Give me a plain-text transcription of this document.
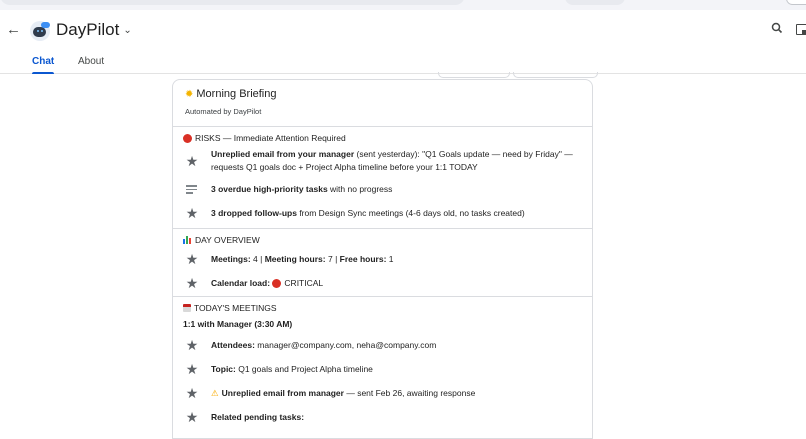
← DayPilot ⌄
Chat About
✹ Morning Briefing
Automated by DayPilot
RISKS — Immediate Attention Required
★ Unreplied email from your manager (sent yesterday): "Q1 Goals update — need by Friday" — requests Q1 goals doc + Project Alpha timeline before your 1:1 TODAY
3 overdue high-priority tasks with no progress
★ 3 dropped follow-ups from Design Sync meetings (4-6 days old, no tasks created)
DAY OVERVIEW
★ Meetings: 4 | Meeting hours: 7 | Free hours: 1
★ Calendar load:
CRITICAL
TODAY'S MEETINGS
1:1 with Manager (3:30 AM)
★ Attendees: manager@company.com, neha@company.com
★ Topic: Q1 goals and Project Alpha timeline
★ ⚠ Unreplied email from manager — sent Feb 26, awaiting response
★ Related pending tasks:
